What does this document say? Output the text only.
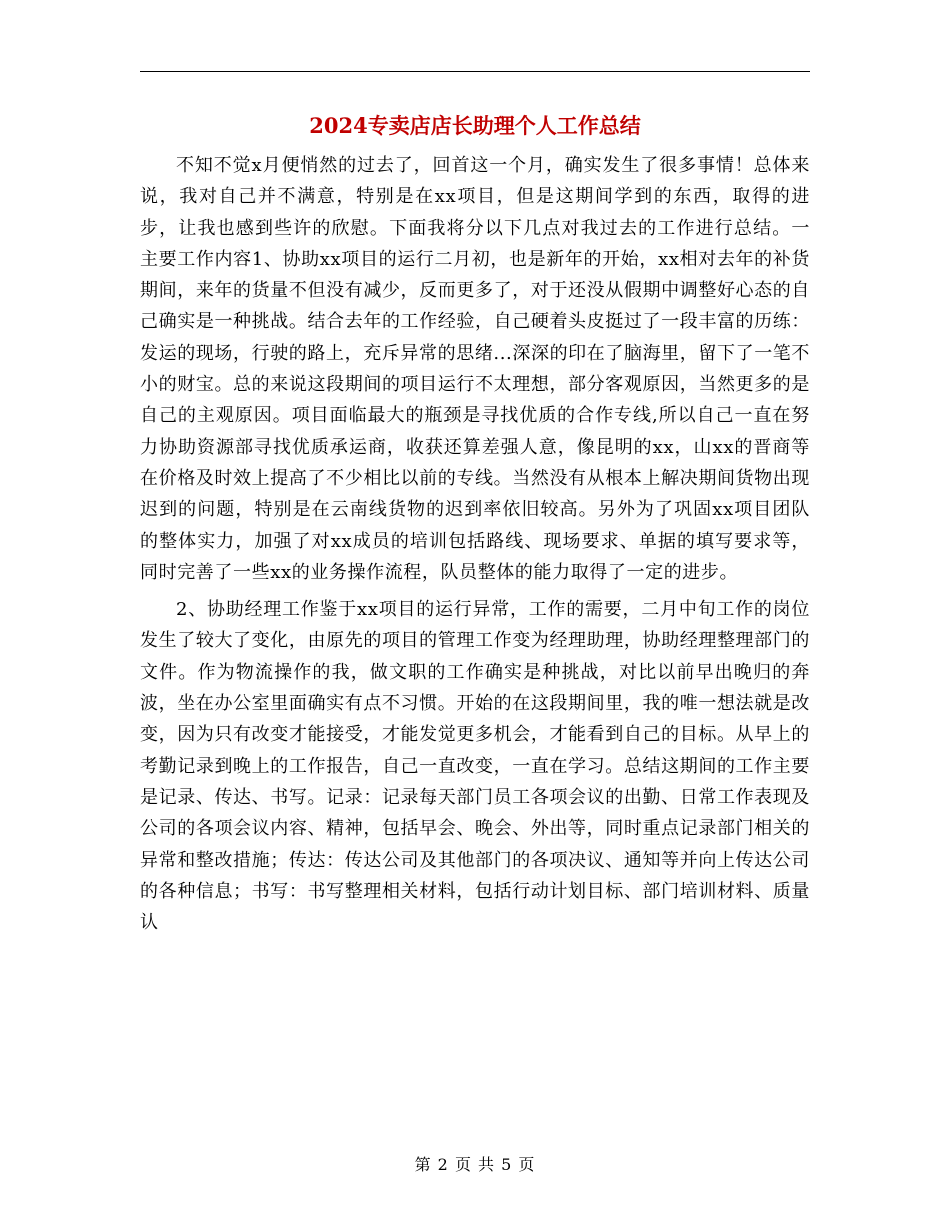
2024专卖店店长助理个人工作总结

不知不觉x月便悄然的过去了，回首这一个月，确实发生了很多事情！总体来说，我对自己并不满意，特别是在xx项目，但是这期间学到的东西，取得的进步，让我也感到些许的欣慰。下面我将分以下几点对我过去的工作进行总结。一 主要工作内容1、协助xx项目的运行二月初，也是新年的开始，xx相对去年的补货期间，来年的货量不但没有减少，反而更多了，对于还没从假期中调整好心态的自己确实是一种挑战。结合去年的工作经验，自己硬着头皮挺过了一段丰富的历练：发运的现场，行驶的路上，充斥异常的思绪...深深的印在了脑海里，留下了一笔不小的财宝。总的来说这段期间的项目运行不太理想，部分客观原因，当然更多的是自己的主观原因。项目面临最大的瓶颈是寻找优质的合作专线,所以自己一直在努力协助资源部寻找优质承运商，收获还算差强人意，像昆明的xx，山xx的晋商等在价格及时效上提高了不少相比以前的专线。当然没有从根本上解决期间货物出现迟到的问题，特别是在云南线货物的迟到率依旧较高。另外为了巩固xx项目团队的整体实力，加强了对xx成员的培训包括路线、现场要求、单据的填写要求等，同时完善了一些xx的业务操作流程，队员整体的能力取得了一定的进步。

2、协助经理工作鉴于xx项目的运行异常，工作的需要，二月中旬工作的岗位发生了较大了变化，由原先的项目的管理工作变为经理助理，协助经理整理部门的文件。作为物流操作的我，做文职的工作确实是种挑战，对比以前早出晚归的奔波，坐在办公室里面确实有点不习惯。开始的在这段期间里，我的唯一想法就是改变，因为只有改变才能接受，才能发觉更多机会，才能看到自己的目标。从早上的考勤记录到晚上的工作报告，自己一直改变，一直在学习。总结这期间的工作主要是记录、传达、书写。记录：记录每天部门员工各项会议的出勤、日常工作表现及公司的各项会议内容、精神，包括早会、晚会、外出等，同时重点记录部门相关的异常和整改措施；传达：传达公司及其他部门的各项决议、通知等并向上传达公司的各种信息；书写：书写整理相关材料，包括行动计划目标、部门培训材料、质量认

第 2 页 共 5 页
